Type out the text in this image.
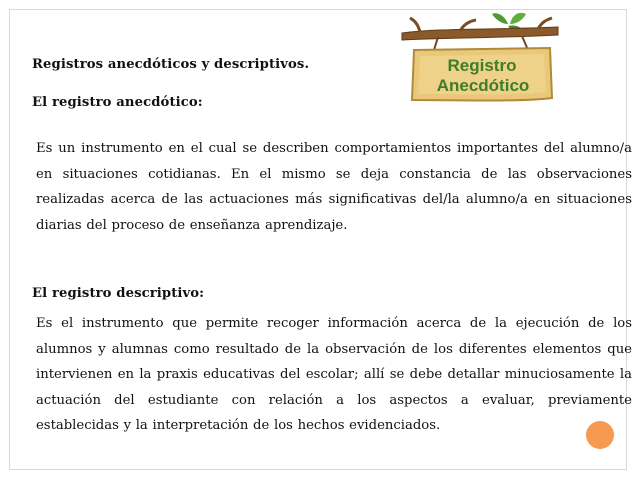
Registros anecdóticos y descriptivos.
El registro anecdótico:
Es un instrumento en el cual se describen comportamientos importantes del alumno/a en situaciones cotidianas. En el mismo se deja constancia de las observaciones realizadas acerca de las actuaciones más significativas del/la alumno/a en situaciones diarias del proceso de enseñanza aprendizaje.
El registro descriptivo:
Es el instrumento que permite recoger información acerca de la ejecución de los alumnos y alumnas como resultado de la observación de los diferentes elementos que intervienen en la praxis educativas del escolar; allí se debe detallar minuciosamente la actuación del estudiante con relación a los aspectos a evaluar, previamente establecidas y la interpretación de los hechos evidenciados.
Registro
Anecdótico
